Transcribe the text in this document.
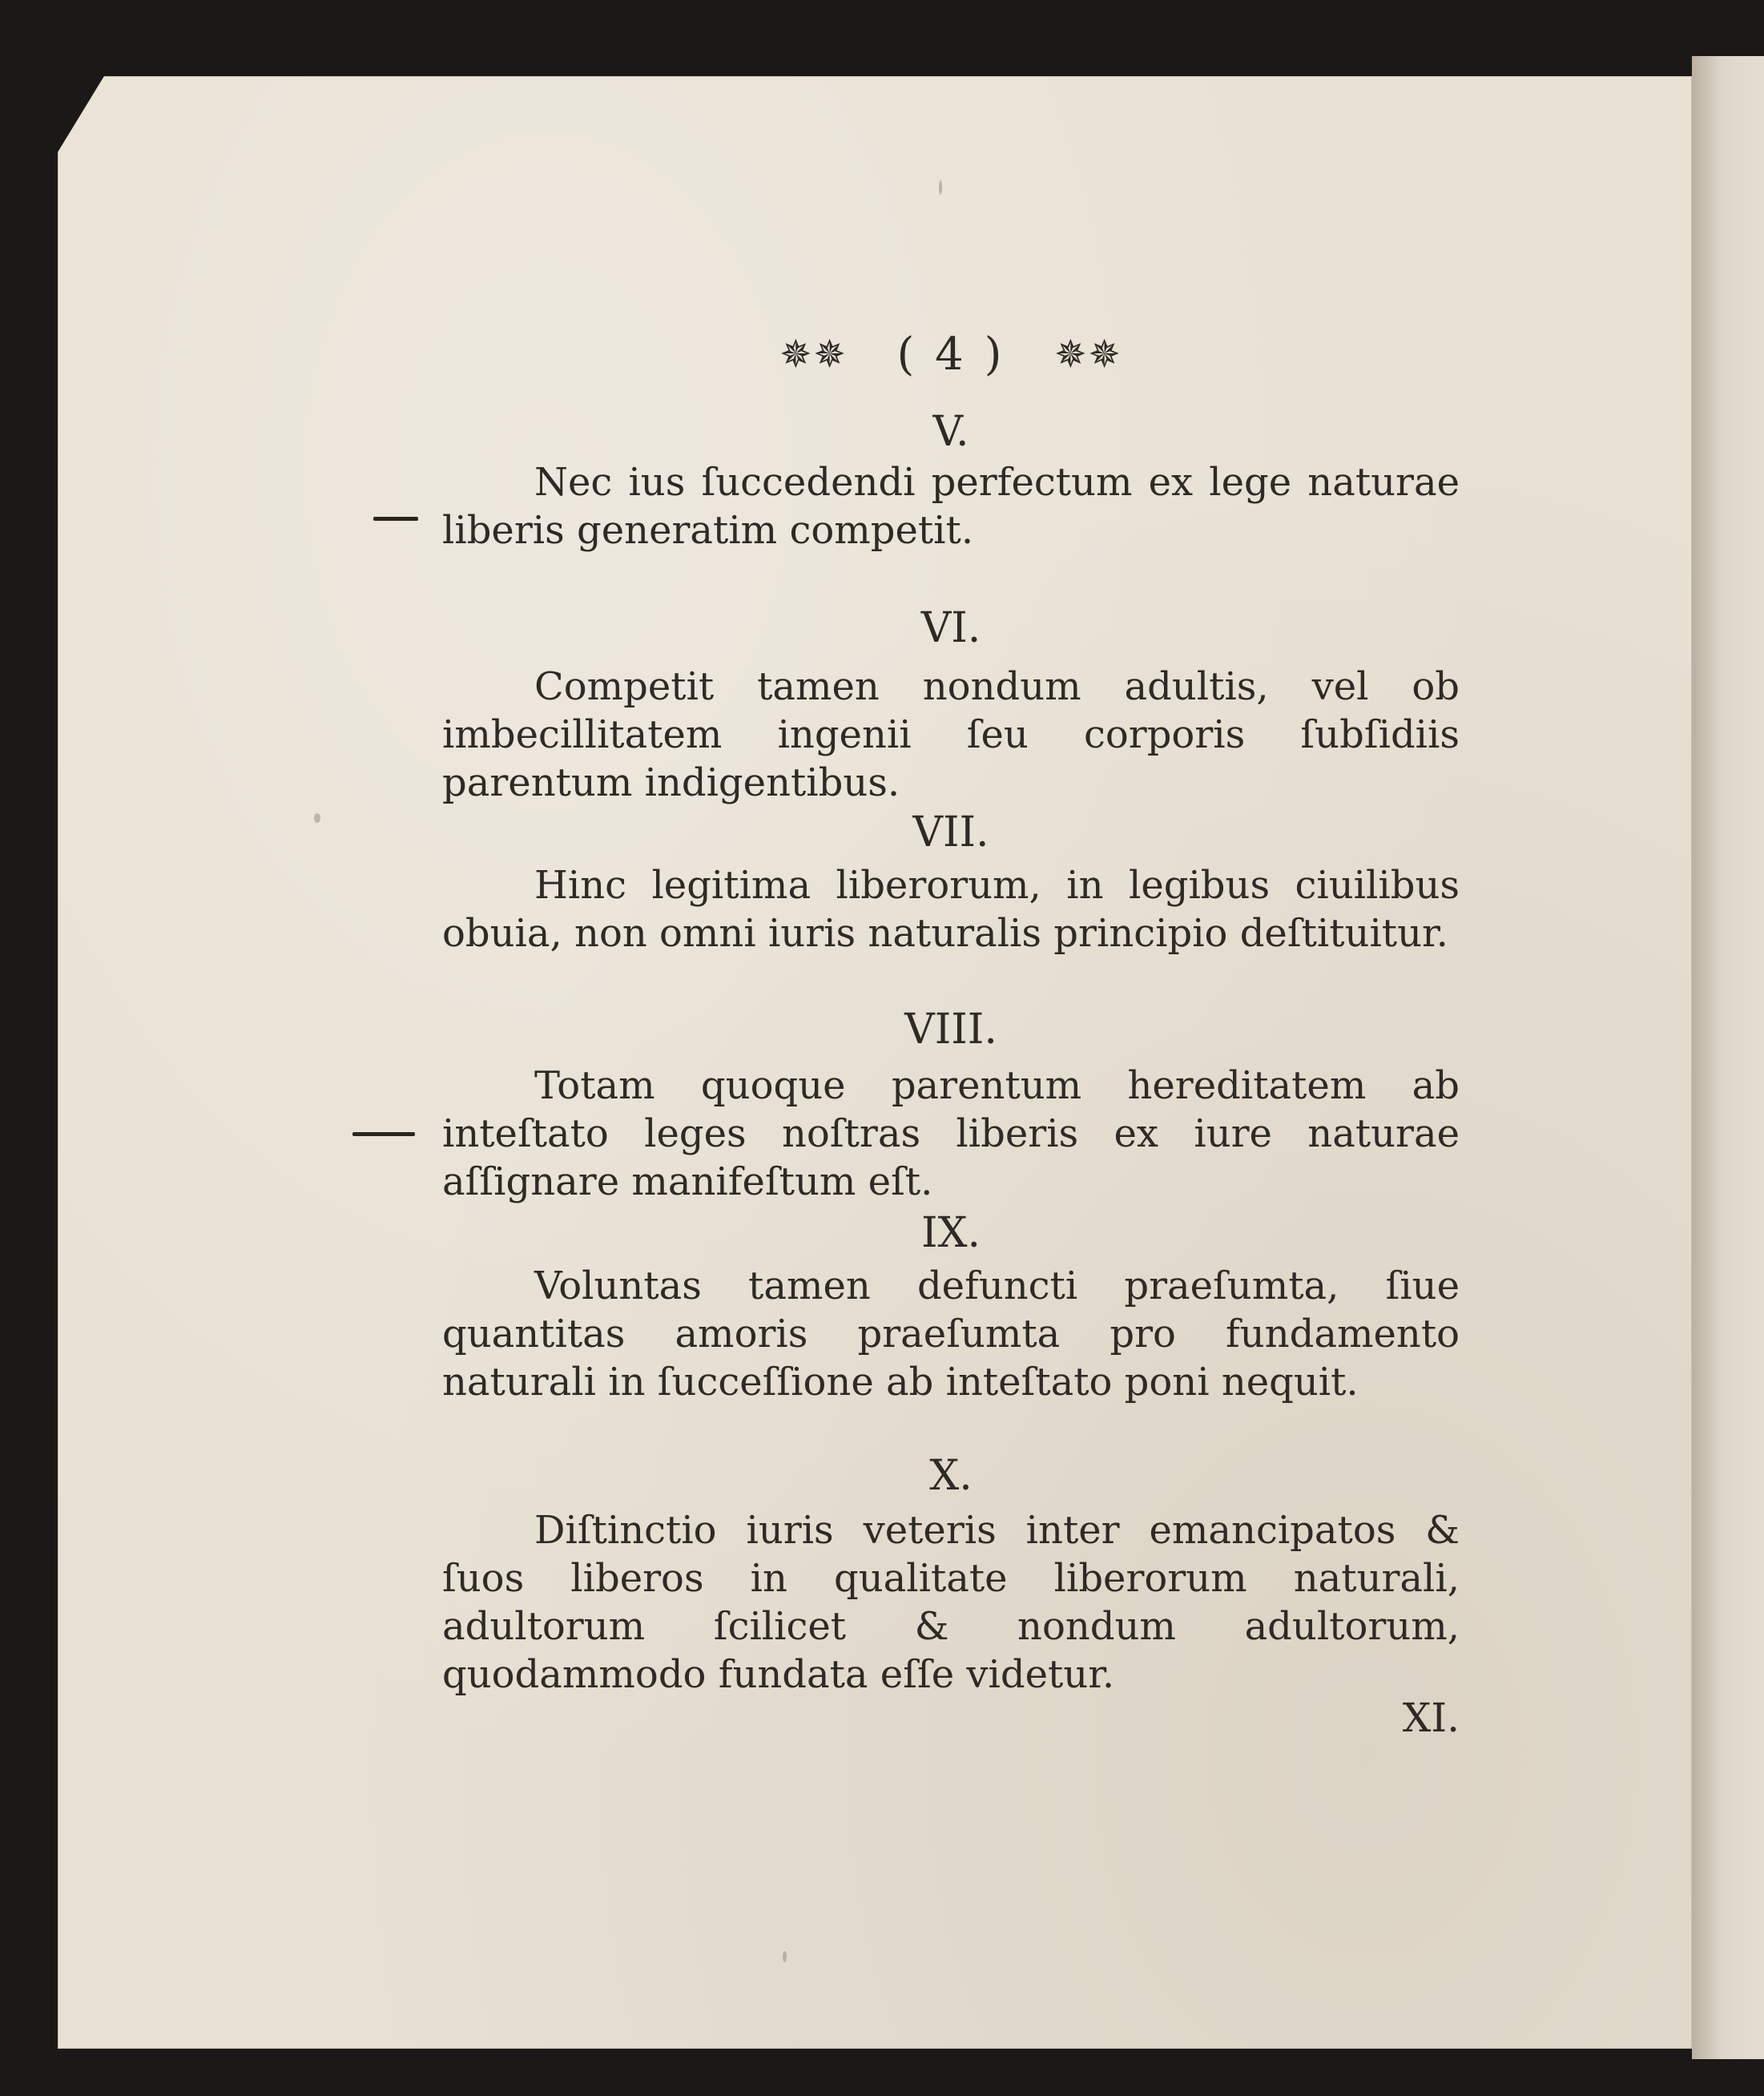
✵✵ ( 4 ) ✵✵
V.
Nec ius ſuccedendi perfectum ex lege naturae liberis generatim competit.
VI.
Competit tamen nondum adultis, vel ob imbecillitatem ingenii ſeu corporis ſubſidiis parentum indigentibus.
VII.
Hinc legitima liberorum, in legibus ciuilibus obuia, non omni iuris naturalis principio deſtituitur.
VIII.
Totam quoque parentum hereditatem ab inteſtato leges noſtras liberis ex iure naturae aſſignare manifeſtum eſt.
IX.
Voluntas tamen defuncti praeſumta, ſiue quantitas amoris praeſumta pro fundamento naturali in ſucceſſione ab inteſtato poni nequit.
X.
Diſtinctio iuris veteris inter emancipatos & ſuos liberos in qualitate liberorum naturali, adultorum ſcilicet & nondum adultorum, quodammodo fundata eſſe videtur.
XI.
